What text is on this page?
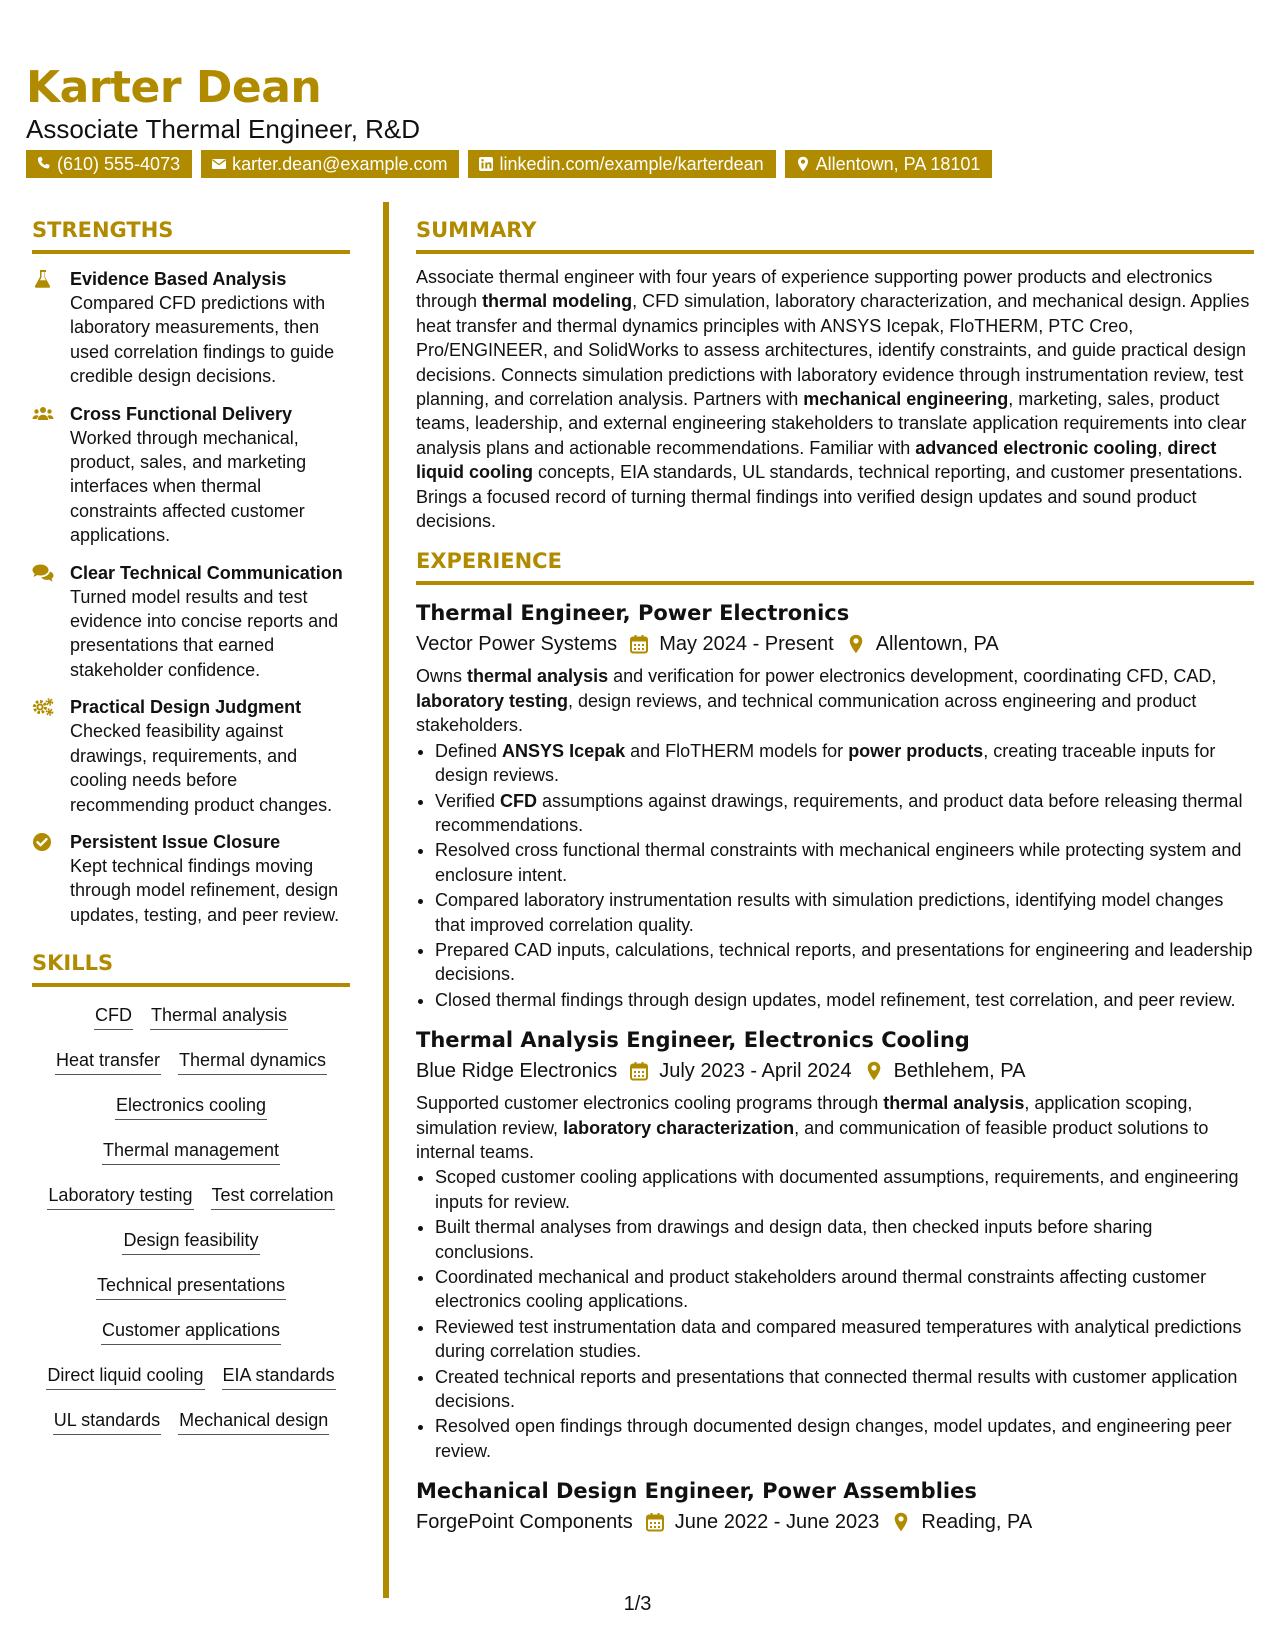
Karter Dean
Associate Thermal Engineer, R&D
(610) 555-4073	karter.dean@example.com	linkedin.com/example/karterdean	Allentown, PA 18101
STRENGTHS
Evidence Based Analysis
Compared CFD predictions with laboratory measurements, then used correlation findings to guide credible design decisions.
Cross Functional Delivery
Worked through mechanical, product, sales, and marketing interfaces when thermal constraints affected customer applications.
Clear Technical Communication
Turned model results and test evidence into concise reports and presentations that earned stakeholder confidence.
Practical Design Judgment
Checked feasibility against drawings, requirements, and cooling needs before recommending product changes.
Persistent Issue Closure
Kept technical findings moving through model refinement, design updates, testing, and peer review.
SKILLS
CFD Thermal analysis
Heat transfer Thermal dynamics
Electronics cooling
Thermal management
Laboratory testing Test correlation
Design feasibility
Technical presentations
Customer applications
Direct liquid cooling EIA standards
UL standards Mechanical design
SUMMARY
Associate thermal engineer with four years of experience supporting power products and electronics through thermal modeling, CFD simulation, laboratory characterization, and mechanical design. Applies heat transfer and thermal dynamics principles with ANSYS Icepak, FloTHERM, PTC Creo, Pro/ENGINEER, and SolidWorks to assess architectures, identify constraints, and guide practical design decisions. Connects simulation predictions with laboratory evidence through instrumentation review, test planning, and correlation analysis. Partners with mechanical engineering, marketing, sales, product teams, leadership, and external engineering stakeholders to translate application requirements into clear analysis plans and actionable recommendations. Familiar with advanced electronic cooling, direct liquid cooling concepts, EIA standards, UL standards, technical reporting, and customer presentations. Brings a focused record of turning thermal findings into verified design updates and sound product decisions.
EXPERIENCE
Thermal Engineer, Power Electronics
Vector Power Systems May 2024 - Present Allentown, PA
Owns thermal analysis and verification for power electronics development, coordinating CFD, CAD, laboratory testing, design reviews, and technical communication across engineering and product stakeholders.
• Defined ANSYS Icepak and FloTHERM models for power products, creating traceable inputs for design reviews.
• Verified CFD assumptions against drawings, requirements, and product data before releasing thermal recommendations.
• Resolved cross functional thermal constraints with mechanical engineers while protecting system and enclosure intent.
• Compared laboratory instrumentation results with simulation predictions, identifying model changes that improved correlation quality.
• Prepared CAD inputs, calculations, technical reports, and presentations for engineering and leadership decisions.
• Closed thermal findings through design updates, model refinement, test correlation, and peer review.
Thermal Analysis Engineer, Electronics Cooling
Blue Ridge Electronics July 2023 - April 2024 Bethlehem, PA
Supported customer electronics cooling programs through thermal analysis, application scoping, simulation review, laboratory characterization, and communication of feasible product solutions to internal teams.
• Scoped customer cooling applications with documented assumptions, requirements, and engineering inputs for review.
• Built thermal analyses from drawings and design data, then checked inputs before sharing conclusions.
• Coordinated mechanical and product stakeholders around thermal constraints affecting customer electronics cooling applications.
• Reviewed test instrumentation data and compared measured temperatures with analytical predictions during correlation studies.
• Created technical reports and presentations that connected thermal results with customer application decisions.
• Resolved open findings through documented design changes, model updates, and engineering peer review.
Mechanical Design Engineer, Power Assemblies
ForgePoint Components June 2022 - June 2023 Reading, PA
1/3
